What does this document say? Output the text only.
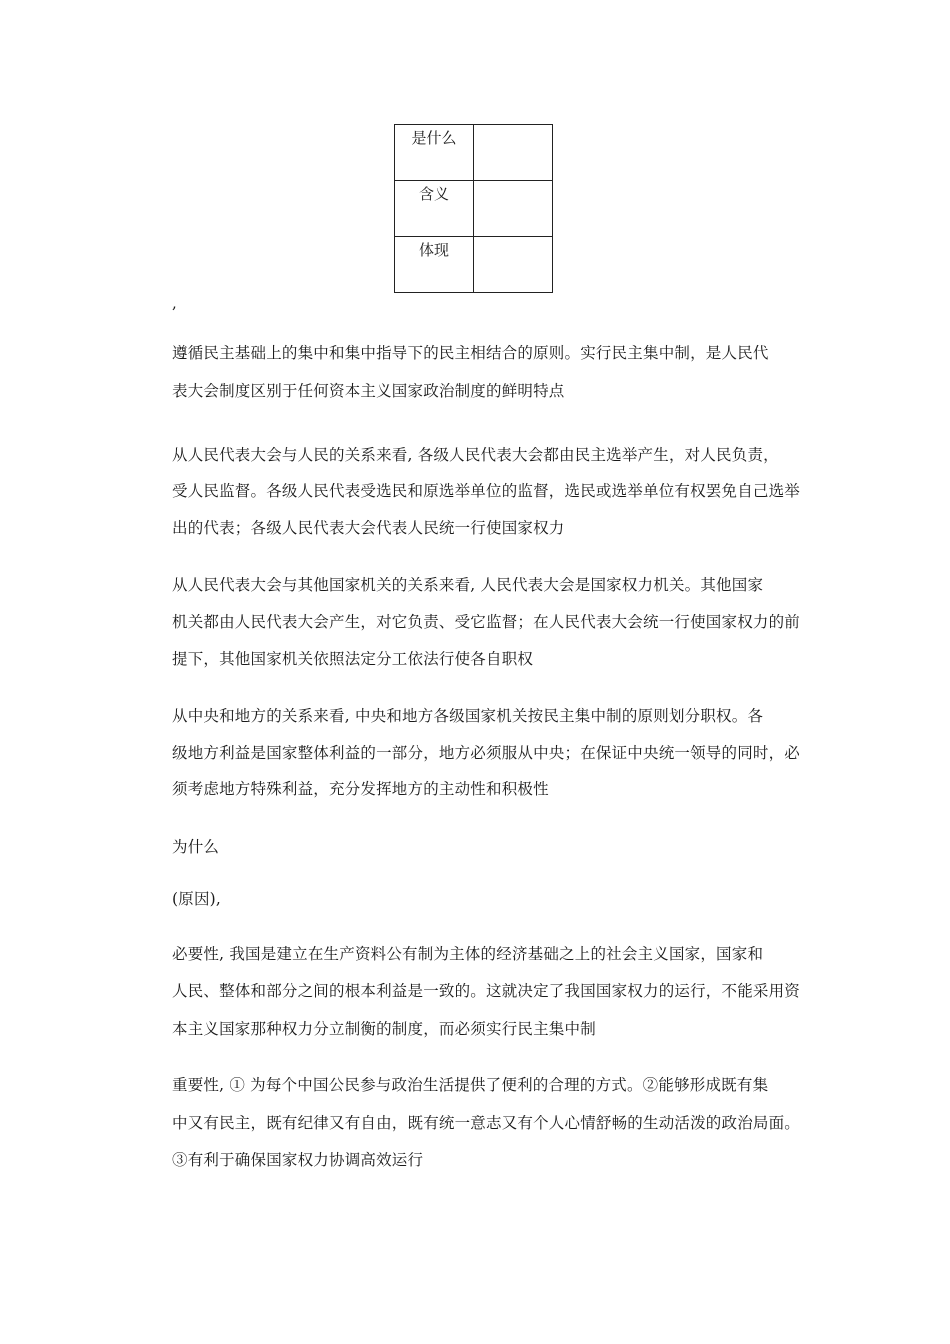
是什么	
含义	
体现	
,
遵循民主基础上的集中和集中指导下的民主相结合的原则。实行民主集中制，是人民代
表大会制度区别于任何资本主义国家政治制度的鲜明特点
从人民代表大会与人民的关系来看, 各级人民代表大会都由民主选举产生，对人民负责，
受人民监督。各级人民代表受选民和原选举单位的监督，选民或选举单位有权罢免自己选举
出的代表；各级人民代表大会代表人民统一行使国家权力
从人民代表大会与其他国家机关的关系来看, 人民代表大会是国家权力机关。其他国家
机关都由人民代表大会产生，对它负责、受它监督；在人民代表大会统一行使国家权力的前
提下，其他国家机关依照法定分工依法行使各自职权
从中央和地方的关系来看, 中央和地方各级国家机关按民主集中制的原则划分职权。各
级地方利益是国家整体利益的一部分，地方必须服从中央；在保证中央统一领导的同时，必
须考虑地方特殊利益，充分发挥地方的主动性和积极性
为什么
(原因),
必要性, 我国是建立在生产资料公有制为主体的经济基础之上的社会主义国家，国家和
人民、整体和部分之间的根本利益是一致的。这就决定了我国国家权力的运行，不能采用资
本主义国家那种权力分立制衡的制度，而必须实行民主集中制
重要性, ① 为每个中国公民参与政治生活提供了便利的合理的方式。②能够形成既有集
中又有民主，既有纪律又有自由，既有统一意志又有个人心情舒畅的生动活泼的政治局面。
③有利于确保国家权力协调高效运行
